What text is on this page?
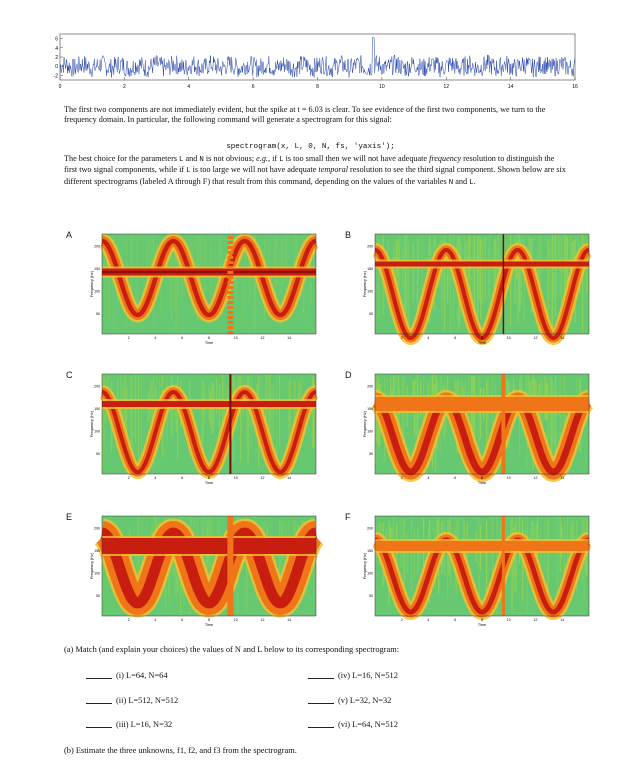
6
4
2
0
-2
0	2	4	6	8	10	12	14	16
The first two components are not immediately evident, but the spike at t = 6.03 is clear. To see evidence of the first two components, we turn to the frequency domain. In particular, the following command will generate a spectrogram for this signal:
spectrogram(x, L, 0, N, fs, 'yaxis');
The best choice for the parameters L and N is not obvious; e.g., if L is too small then we will not have adequate frequency resolution to distinguish the first two signal components, while if L is too large we will not have adequate temporal resolution to see the third signal component. Shown below are six different spectrograms (labeled A through F) that result from this command, depending on the values of the variables N and L.
A	B
C	D
E	F
200
150
100
50
2	4	6	8	10	12	14
Time
Frequency (Hz)
200
150
100
50
2	4	6	8	10	12	14
Time
Frequency (Hz)
200
150
100
50
2	4	6	8	10	12	14
Time
Frequency (Hz)
200
150
100
50
2	4	6	8	10	12	14
Time
Frequency (Hz)
200
150
100
50
2	4	6	8	10	12	14
Time
Frequency (Hz)
200
150
100
50
2	4	6	8	10	12	14
Time
Frequency (Hz)
(a) Match (and explain your choices) the values of N and L below to its corresponding spectrogram:
(i) L=64, N=64	(iv) L=16, N=512
(ii) L=512, N=512	(v) L=32, N=32
(iii) L=16, N=32	(vi) L=64, N=512
(b) Estimate the three unknowns, f1, f2, and f3 from the spectrogram.
